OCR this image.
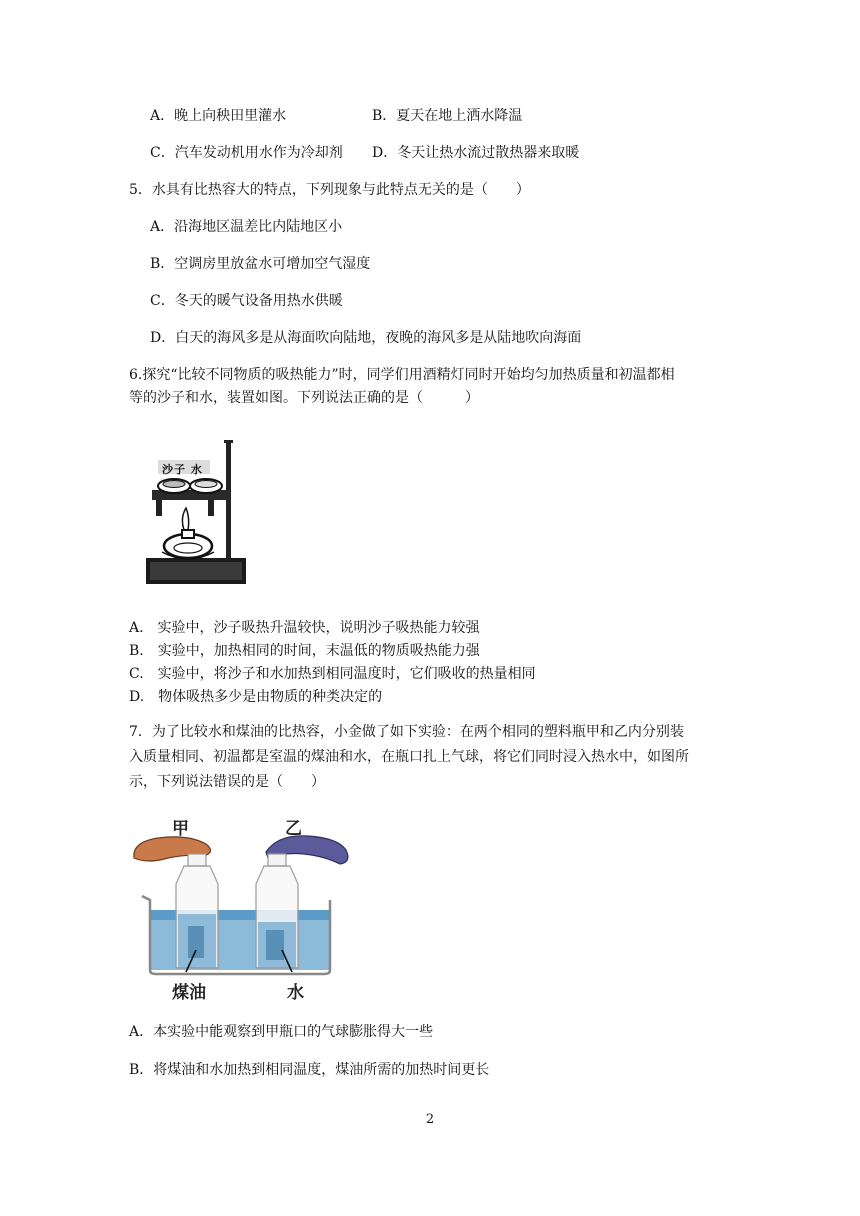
A．晚上向秧田里灌水	B．夏天在地上洒水降温
C．汽车发动机用水作为冷却剂 D．冬天让热水流过散热器来取暖
5．水具有比热容大的特点，下列现象与此特点无关的是（　　）
A．沿海地区温差比内陆地区小
B．空调房里放盆水可增加空气湿度
C．冬天的暖气设备用热水供暖
D．白天的海风多是从海面吹向陆地，夜晚的海风多是从陆地吹向海面
6.探究“比较不同物质的吸热能力”时，同学们用酒精灯同时开始均匀加热质量和初温都相
等的沙子和水，装置如图。下列说法正确的是（　　　）
沙子 水
A.　实验中，沙子吸热升温较快，说明沙子吸热能力较强
B.　实验中，加热相同的时间，末温低的物质吸热能力强
C.　实验中，将沙子和水加热到相同温度时，它们吸收的热量相同
D.　物体吸热多少是由物质的种类决定的
7．为了比较水和煤油的比热容，小金做了如下实验：在两个相同的塑料瓶甲和乙内分别装
入质量相同、初温都是室温的煤油和水，在瓶口扎上气球，将它们同时浸入热水中，如图所
示，下列说法错误的是（　　）
甲	乙
煤油	水
A．本实验中能观察到甲瓶口的气球膨胀得大一些
B．将煤油和水加热到相同温度，煤油所需的加热时间更长
2
